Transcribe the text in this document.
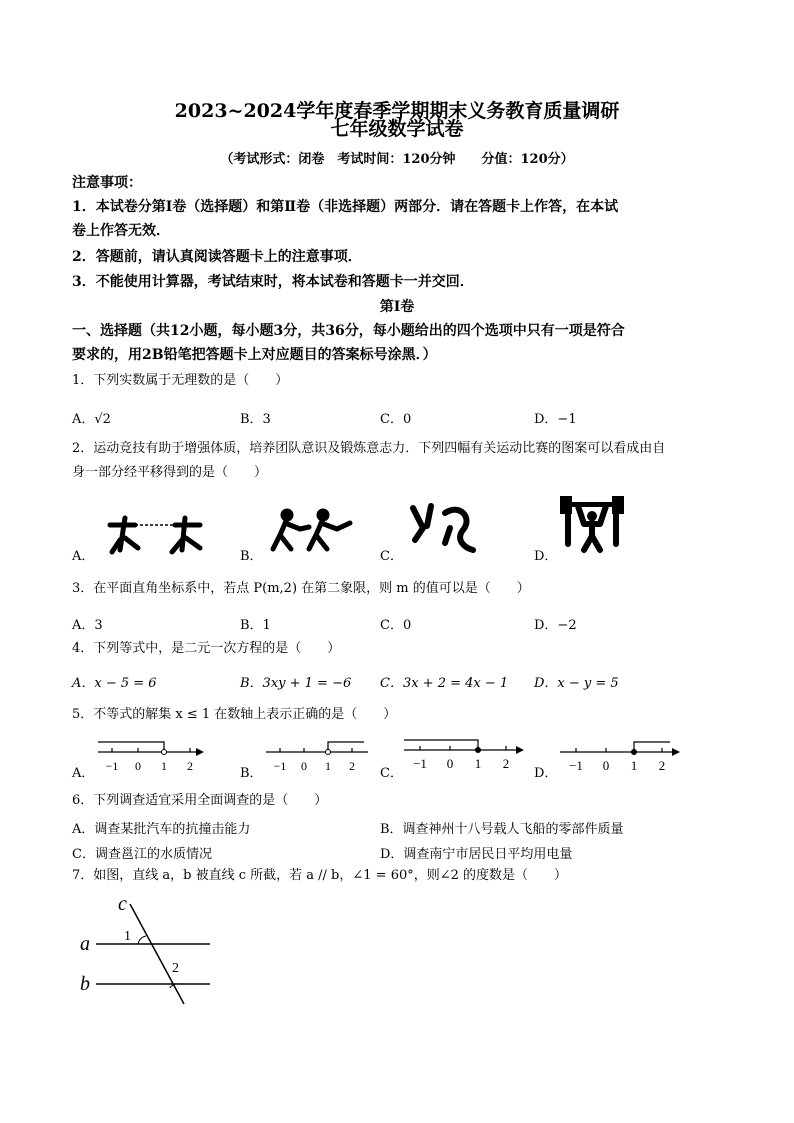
2023~2024学年度春季学期期末义务教育质量调研
七年级数学试卷
（考试形式：闭卷　考试时间：120分钟　　分值：120分）
注意事项：
1．本试卷分第Ⅰ卷（选择题）和第Ⅱ卷（非选择题）两部分．请在答题卡上作答，在本试
卷上作答无效．
2．答题前，请认真阅读答题卡上的注意事项．
3．不能使用计算器，考试结束时，将本试卷和答题卡一并交回．
第Ⅰ卷
一、选择题（共12小题，每小题3分，共36分，每小题给出的四个选项中只有一项是符合
要求的，用2B铅笔把答题卡上对应题目的答案标号涂黑．）
1．下列实数属于无理数的是（　　）
A．√2	B．3	C．0	D．−1
2．运动竞技有助于增强体质，培养团队意识及锻炼意志力．下列四幅有关运动比赛的图案可以看成由自
身一部分经平移得到的是（　　）
A．	B．	C．	D．
3．在平面直角坐标系中，若点 P(m,2) 在第二象限，则 m 的值可以是（　　）
A．3	B．1	C．0	D．−2
4．下列等式中，是二元一次方程的是（　　）
A．x − 5 = 6	B．3xy + 1 = −6 C．3x + 2 = 4x − 1 D．x − y = 5
5．不等式的解集 x ≤ 1 在数轴上表示正确的是（　　）
A． −1 0 1 2	B． −1 0 1 2 C．
−1 0 1 2
D．
−1 0 1 2
6．下列调查适宜采用全面调查的是（　　）
A．调查某批汽车的抗撞击能力	B．调查神州十八号载人飞船的零部件质量
C．调查邕江的水质情况	D．调查南宁市居民日平均用电量
7．如图，直线 a，b 被直线 c 所截，若 a // b，∠1 = 60°，则∠2 的度数是（　　）
c
a
b
1
2
